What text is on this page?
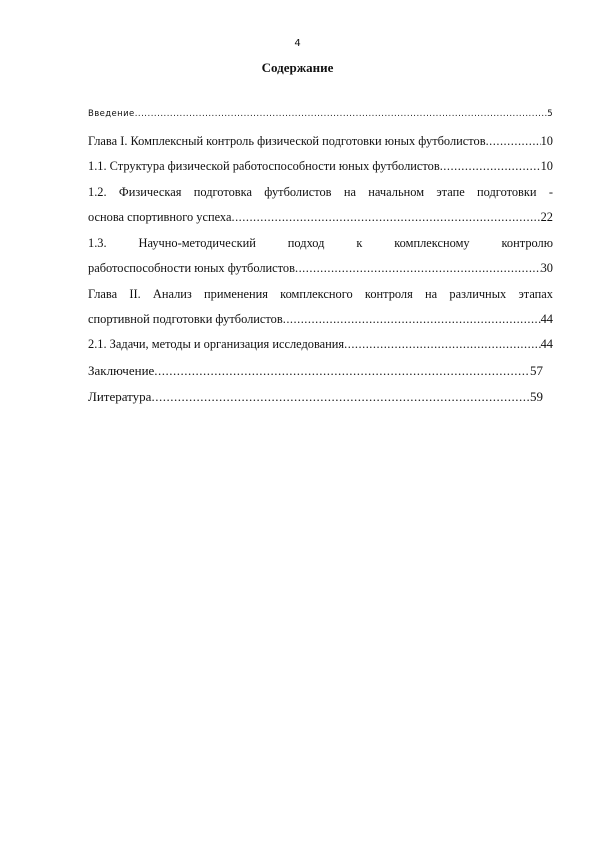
4
Содержание
Введение .....	5
Глава I. Комплексный контроль физической подготовки юных футболистов .....	10
1.1. Структура физической работоспособности юных футболистов .....	10
1.2. Физическая подготовка футболистов на начальном этапе подготовки -
основа спортивного успеха .....	22
1.3. Научно-методический подход к комплексному контролю
работоспособности юных футболистов .....	30
Глава II. Анализ применения комплексного контроля на различных этапах
спортивной подготовки футболистов .....	44
2.1. Задачи, методы и организация исследования .....	44
Заключение .....	57
Литература .....	59
